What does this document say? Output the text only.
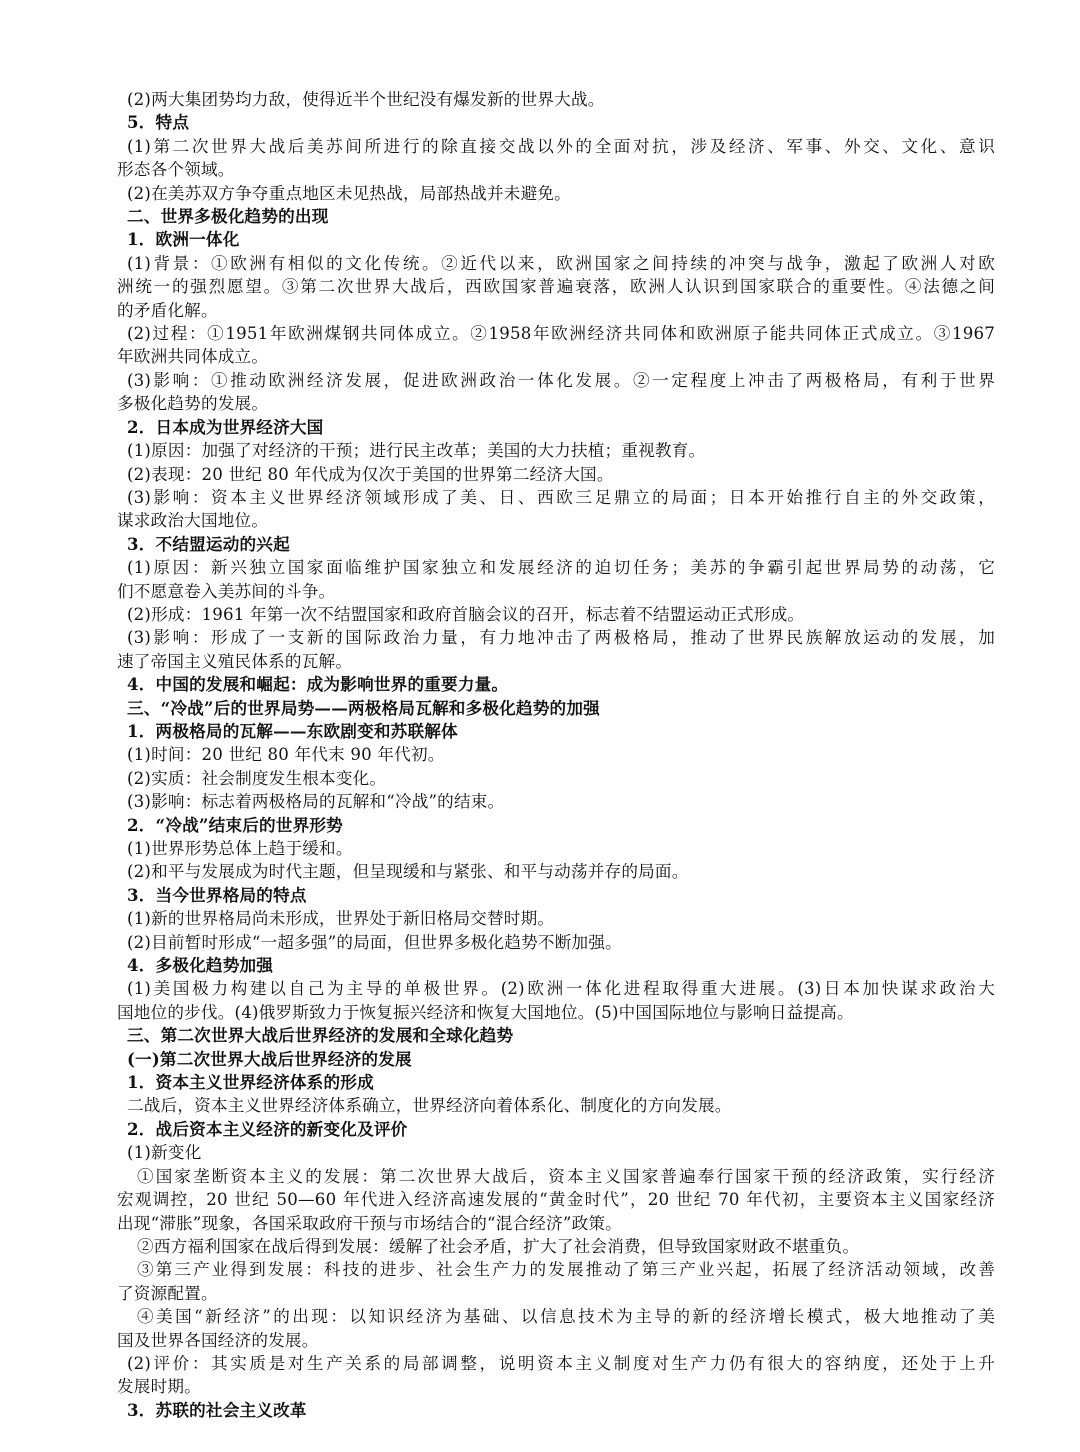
(2)两大集团势均力敌，使得近半个世纪没有爆发新的世界大战。
5．特点
(1)第二次世界大战后美苏间所进行的除直接交战以外的全面对抗，涉及经济、军事、外交、文化、意识
形态各个领域。
(2)在美苏双方争夺重点地区未见热战，局部热战并未避免。
二、世界多极化趋势的出现
1．欧洲一体化
(1)背景：①欧洲有相似的文化传统。②近代以来，欧洲国家之间持续的冲突与战争，激起了欧洲人对欧
洲统一的强烈愿望。③第二次世界大战后，西欧国家普遍衰落，欧洲人认识到国家联合的重要性。④法德之间
的矛盾化解。
(2)过程：①1951年欧洲煤钢共同体成立。②1958年欧洲经济共同体和欧洲原子能共同体正式成立。③1967
年欧洲共同体成立。
(3)影响：①推动欧洲经济发展，促进欧洲政治一体化发展。②一定程度上冲击了两极格局，有利于世界
多极化趋势的发展。
2．日本成为世界经济大国
(1)原因：加强了对经济的干预；进行民主改革；美国的大力扶植；重视教育。
(2)表现：20 世纪 80 年代成为仅次于美国的世界第二经济大国。
(3)影响：资本主义世界经济领域形成了美、日、西欧三足鼎立的局面；日本开始推行自主的外交政策，
谋求政治大国地位。
3．不结盟运动的兴起
(1)原因：新兴独立国家面临维护国家独立和发展经济的迫切任务；美苏的争霸引起世界局势的动荡，它
们不愿意卷入美苏间的斗争。
(2)形成：1961 年第一次不结盟国家和政府首脑会议的召开，标志着不结盟运动正式形成。
(3)影响：形成了一支新的国际政治力量，有力地冲击了两极格局，推动了世界民族解放运动的发展，加
速了帝国主义殖民体系的瓦解。
4．中国的发展和崛起：成为影响世界的重要力量。
三、“冷战”后的世界局势——两极格局瓦解和多极化趋势的加强
1．两极格局的瓦解——东欧剧变和苏联解体
(1)时间：20 世纪 80 年代末 90 年代初。
(2)实质：社会制度发生根本变化。
(3)影响：标志着两极格局的瓦解和“冷战”的结束。
2．“冷战”结束后的世界形势
(1)世界形势总体上趋于缓和。
(2)和平与发展成为时代主题，但呈现缓和与紧张、和平与动荡并存的局面。
3．当今世界格局的特点
(1)新的世界格局尚未形成，世界处于新旧格局交替时期。
(2)目前暂时形成“一超多强”的局面，但世界多极化趋势不断加强。
4．多极化趋势加强
(1)美国极力构建以自己为主导的单极世界。(2)欧洲一体化进程取得重大进展。(3)日本加快谋求政治大
国地位的步伐。(4)俄罗斯致力于恢复振兴经济和恢复大国地位。(5)中国国际地位与影响日益提高。
三、第二次世界大战后世界经济的发展和全球化趋势
(一)第二次世界大战后世界经济的发展
1．资本主义世界经济体系的形成
二战后，资本主义世界经济体系确立，世界经济向着体系化、制度化的方向发展。
2．战后资本主义经济的新变化及评价
(1)新变化
①国家垄断资本主义的发展：第二次世界大战后，资本主义国家普遍奉行国家干预的经济政策，实行经济
宏观调控，20 世纪 50—60 年代进入经济高速发展的“黄金时代”，20 世纪 70 年代初，主要资本主义国家经济
出现“滞胀”现象，各国采取政府干预与市场结合的“混合经济”政策。
②西方福利国家在战后得到发展：缓解了社会矛盾，扩大了社会消费，但导致国家财政不堪重负。
③第三产业得到发展：科技的进步、社会生产力的发展推动了第三产业兴起，拓展了经济活动领域，改善
了资源配置。
④美国“新经济”的出现：以知识经济为基础、以信息技术为主导的新的经济增长模式，极大地推动了美
国及世界各国经济的发展。
(2)评价：其实质是对生产关系的局部调整，说明资本主义制度对生产力仍有很大的容纳度，还处于上升
发展时期。
3．苏联的社会主义改革
